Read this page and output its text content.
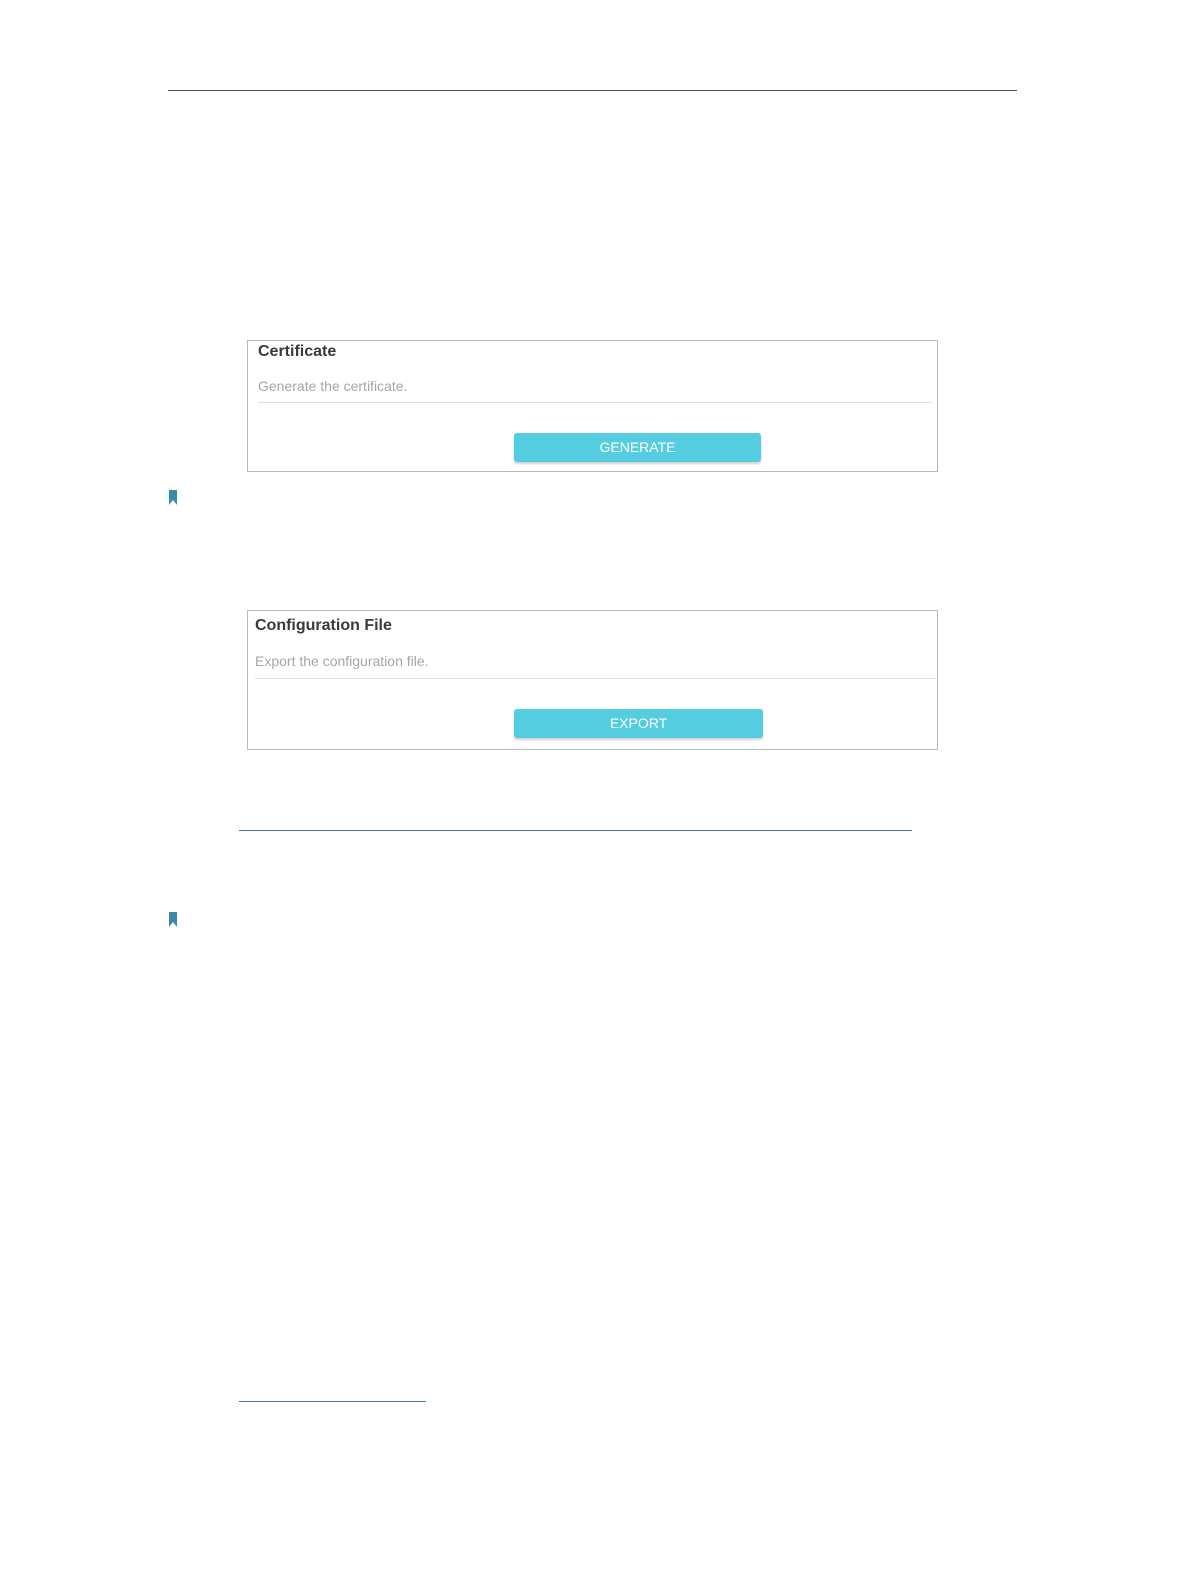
Certificate
Generate the certificate.
GENERATE
Configuration File
Export the configuration file.
EXPORT
